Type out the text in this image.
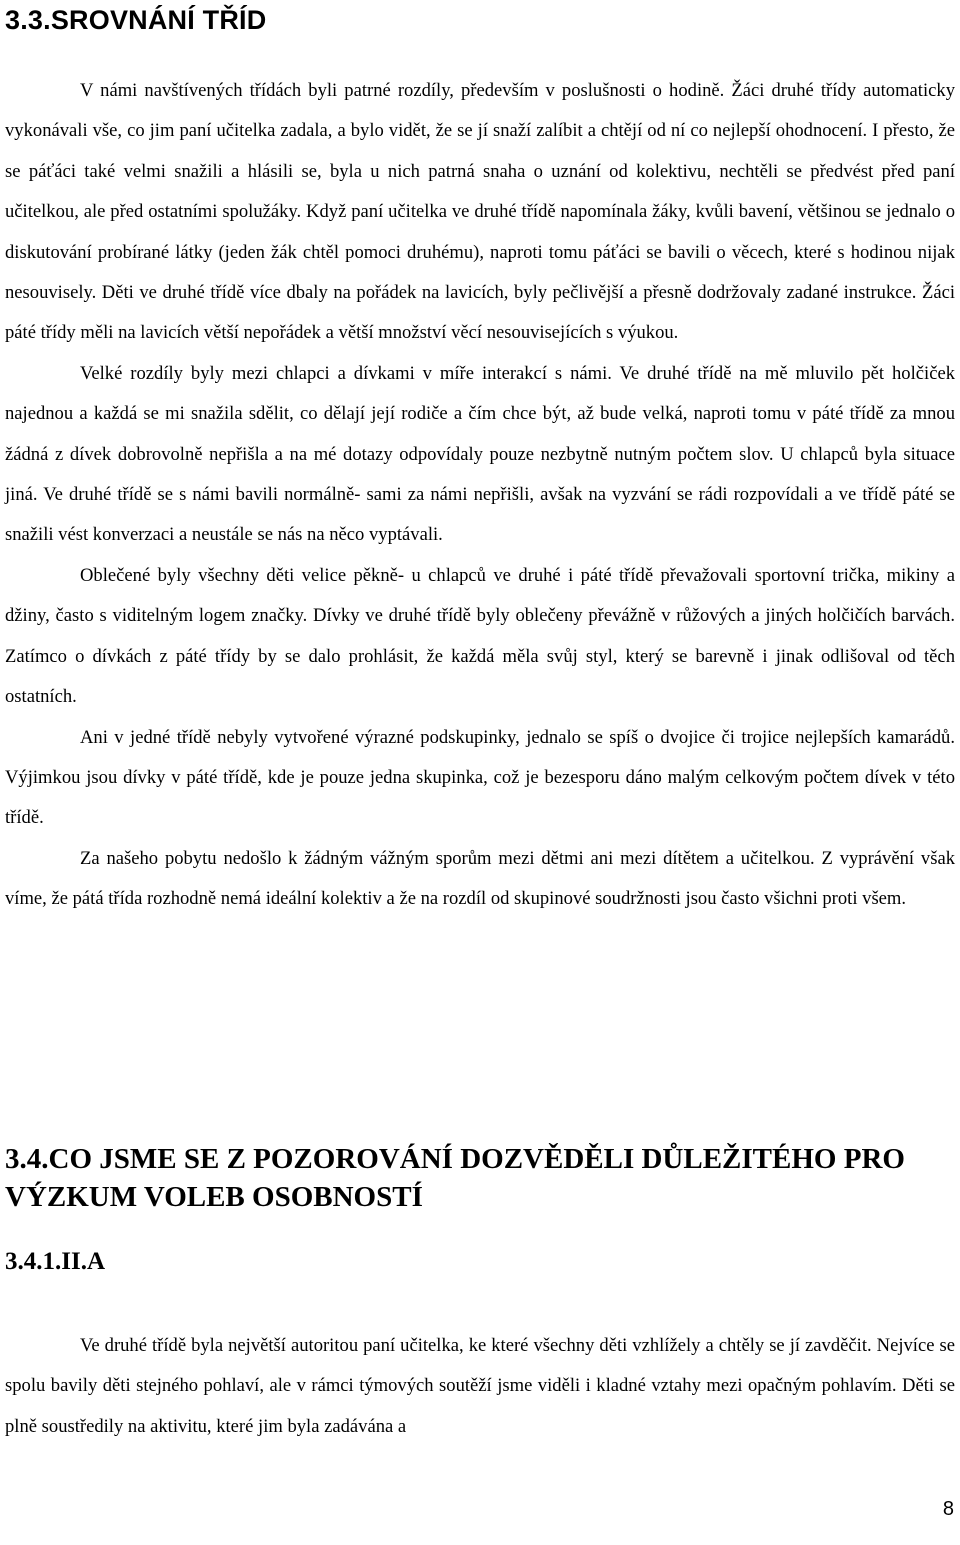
3.3.SROVNÁNÍ TŘÍD

V námi navštívených třídách byli patrné rozdíly, především v poslušnosti o hodině. Žáci druhé třídy automaticky vykonávali vše, co jim paní učitelka zadala, a bylo vidět, že se jí snaží zalíbit a chtějí od ní co nejlepší ohodnocení. I přesto, že se páťáci také velmi snažili a hlásili se, byla u nich patrná snaha o uznání od kolektivu, nechtěli se předvést před paní učitelkou, ale před ostatními spolužáky. Když paní učitelka ve druhé třídě napomínala žáky, kvůli bavení, většinou se jednalo o diskutování probírané látky (jeden žák chtěl pomoci druhému), naproti tomu páťáci se bavili o věcech, které s hodinou nijak nesouvisely. Děti ve druhé třídě více dbaly na pořádek na lavicích, byly pečlivější a přesně dodržovaly zadané instrukce. Žáci páté třídy měli na lavicích větší nepořádek a větší množství věcí nesouvisejících s výukou.

Velké rozdíly byly mezi chlapci a dívkami v míře interakcí s námi. Ve druhé třídě na mě mluvilo pět holčiček najednou a každá se mi snažila sdělit, co dělají její rodiče a čím chce být, až bude velká, naproti tomu v páté třídě za mnou žádná z dívek dobrovolně nepřišla a na mé dotazy odpovídaly pouze nezbytně nutným počtem slov. U chlapců byla situace jiná. Ve druhé třídě se s námi bavili normálně- sami za námi nepřišli, avšak na vyzvání se rádi rozpovídali a ve třídě páté se snažili vést konverzaci a neustále se nás na něco vyptávali.

Oblečené byly všechny děti velice pěkně- u chlapců ve druhé i páté třídě převažovali sportovní trička, mikiny a džiny, často s viditelným logem značky. Dívky ve druhé třídě byly oblečeny převážně v růžových a jiných holčičích barvách. Zatímco o dívkách z páté třídy by se dalo prohlásit, že každá měla svůj styl, který se barevně i jinak odlišoval od těch ostatních.

Ani v jedné třídě nebyly vytvořené výrazné podskupinky, jednalo se spíš o dvojice či trojice nejlepších kamarádů. Výjimkou jsou dívky v páté třídě, kde je pouze jedna skupinka, což je bezesporu dáno malým celkovým počtem dívek v této třídě.

Za našeho pobytu nedošlo k žádným vážným sporům mezi dětmi ani mezi dítětem a učitelkou. Z vyprávění však víme, že pátá třída rozhodně nemá ideální kolektiv a že na rozdíl od skupinové soudržnosti jsou často všichni proti všem.

3.4.CO JSME SE Z POZOROVÁNÍ DOZVĚDĚLI DŮLEŽITÉHO PRO
VÝZKUM VOLEB OSOBNOSTÍ
3.4.1.II.A

Ve druhé třídě byla největší autoritou paní učitelka, ke které všechny děti vzhlížely a chtěly se jí zavděčit. Nejvíce se spolu bavily děti stejného pohlaví, ale v rámci týmových soutěží jsme viděli i kladné vztahy mezi opačným pohlavím. Děti se plně soustředily na aktivitu, které jim byla zadávána a

8
